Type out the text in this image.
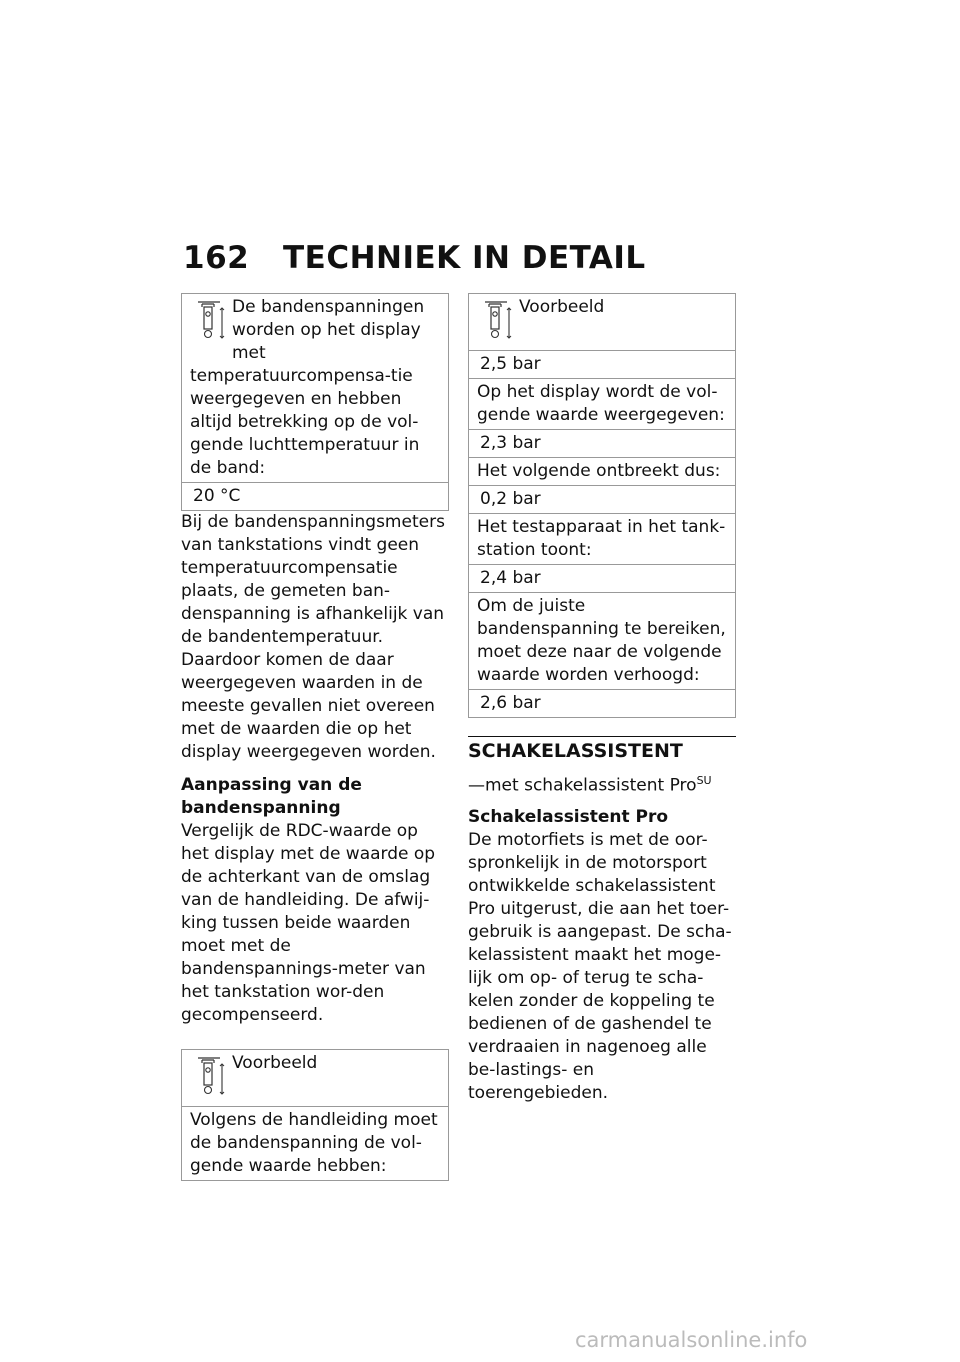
162 TECHNIEK IN DETAIL
De bandenspanningen worden op het display met temperatuurcompensa-tie weergegeven en hebben altijd betrekking op de vol-gende luchttemperatuur in de band:
20 °C

Bij de bandenspanningsmeters van tankstations vindt geen temperatuurcompensatie plaats, de gemeten ban-denspanning is afhankelijk van de bandentemperatuur. Daardoor komen de daar weergegeven waarden in de meeste gevallen niet overeen met de waarden die op het display weergegeven worden.

Aanpassing van de bandenspanning

Vergelijk de RDC-waarde op het display met de waarde op de achterkant van de omslag van de handleiding. De afwij-king tussen beide waarden moet met de bandenspannings-meter van het tankstation wor-den gecompenseerd.

Voorbeeld
Volgens de handleiding moet de bandenspanning de vol-gende waarde hebben:
Voorbeeld
2,5 bar
Op het display wordt de vol-gende waarde weergegeven:
2,3 bar
Het volgende ontbreekt dus:
0,2 bar
Het testapparaat in het tank-station toont:
2,4 bar
Om de juiste bandenspanning te bereiken, moet deze naar de volgende waarde worden verhoogd:
2,6 bar

SCHAKELASSISTENT

—met schakelassistent Pro$^{SU}$

Schakelassistent Pro

De motorfiets is met de oor-spronkelijk in de motorsport ontwikkelde schakelassistent Pro uitgerust, die aan het toer-gebruik is aangepast. De scha-kelassistent maakt het moge-lijk om op- of terug te scha-kelen zonder de koppeling te bedienen of de gashendel te verdraaien in nagenoeg alle be-lastings- en toerengebieden.

carmanualsonline.info
